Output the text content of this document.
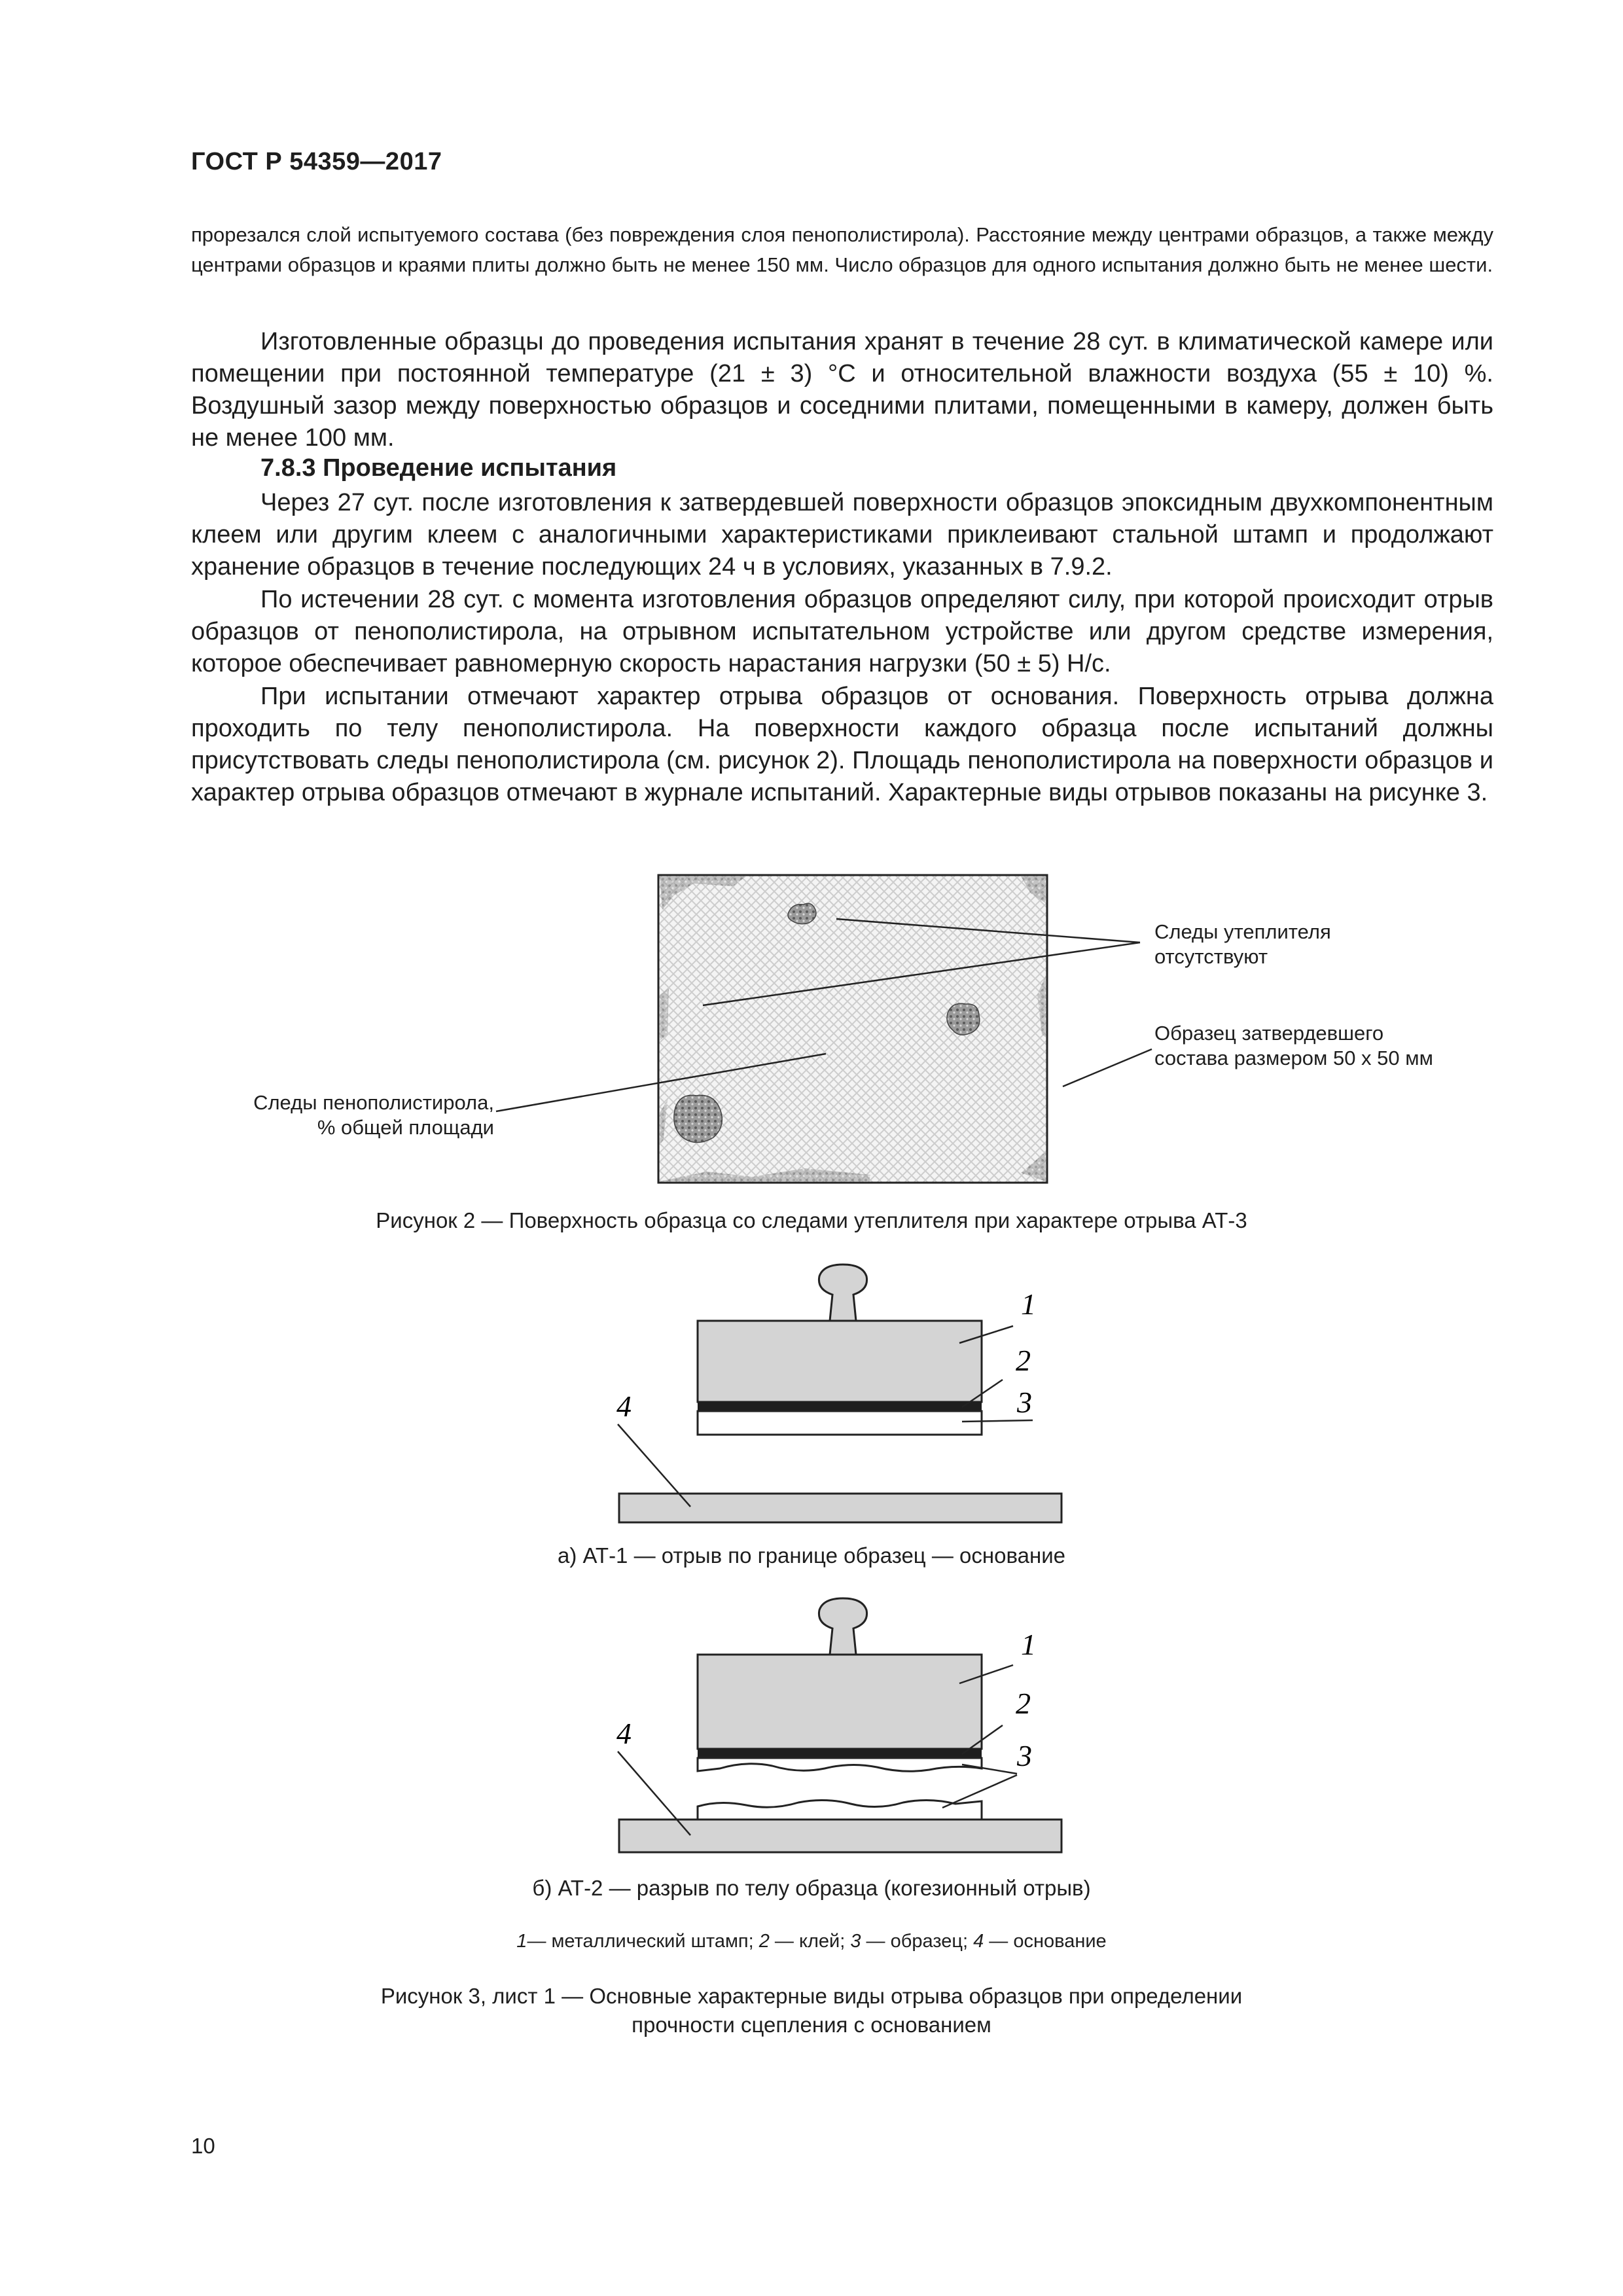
ГОСТ Р 54359—2017
прорезался слой испытуемого состава (без повреждения слоя пенополистирола). Расстояние между центрами образцов, а также между центрами образцов и краями плиты должно быть не менее 150 мм. Число образцов для одного испытания должно быть не менее шести.
Изготовленные образцы до проведения испытания хранят в течение 28 сут. в климатической камере или помещении при постоянной температуре (21 ± 3) °С и относительной влажности воздуха (55 ± 10) %. Воздушный зазор между поверхностью образцов и соседними плитами, помещенными в камеру, должен быть не менее 100 мм.
7.8.3 Проведение испытания
Через 27 сут. после изготовления к затвердевшей поверхности образцов эпоксидным двухкомпонентным клеем или другим клеем с аналогичными характеристиками приклеивают стальной штамп и продолжают хранение образцов в течение последующих 24 ч в условиях, указанных в 7.9.2.
По истечении 28 сут. с момента изготовления образцов определяют силу, при которой происходит отрыв образцов от пенополистирола, на отрывном испытательном устройстве или другом средстве измерения, которое обеспечивает равномерную скорость нарастания нагрузки (50 ± 5) Н/с.
При испытании отмечают характер отрыва образцов от основания. Поверхность отрыва должна проходить по телу пенополистирола. На поверхности каждого образца после испытаний должны присутствовать следы пенополистирола (см. рисунок 2). Площадь пенополистирола на поверхности образцов и характер отрыва образцов отмечают в журнале испытаний. Характерные виды отрывов показаны на рисунке 3.
Следы утеплителя
отсутствуют
Образец затвердевшего
состава размером 50 x 50 мм
Следы пенополистирола,
% общей площади
Рисунок 2 — Поверхность образца со следами утеплителя при характере отрыва АТ-3
1
2
3
4
а) АТ-1 — отрыв по границе образец — основание
1
2
3
4
б) АТ-2 — разрыв по телу образца (когезионный отрыв)
1— металлический штамп; 2 — клей; 3 — образец; 4 — основание
Рисунок 3, лист 1 — Основные характерные виды отрыва образцов при определении
прочности сцепления с основанием
10
